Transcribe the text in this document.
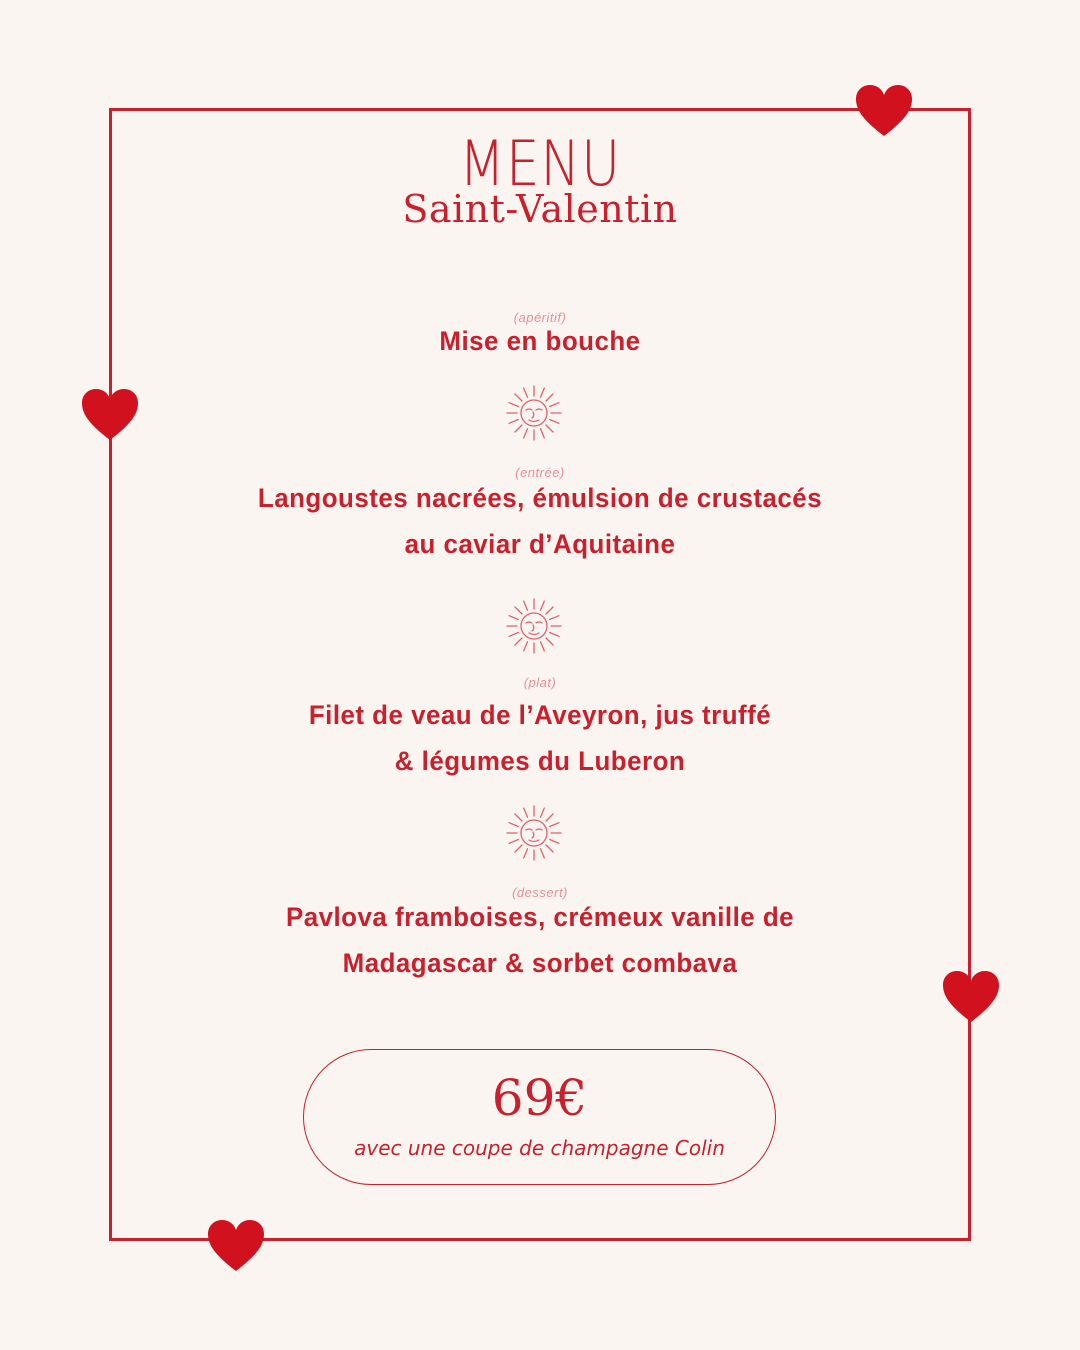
MENU
Saint-Valentin
(apéritif)
Mise en bouche
(entrée)
Langoustes nacrées, émulsion de crustacés
au caviar d’Aquitaine
(plat)
Filet de veau de l’Aveyron, jus truffé
& légumes du Luberon
(dessert)
Pavlova framboises, crémeux vanille de
Madagascar & sorbet combava
69€
avec une coupe de champagne Colin
